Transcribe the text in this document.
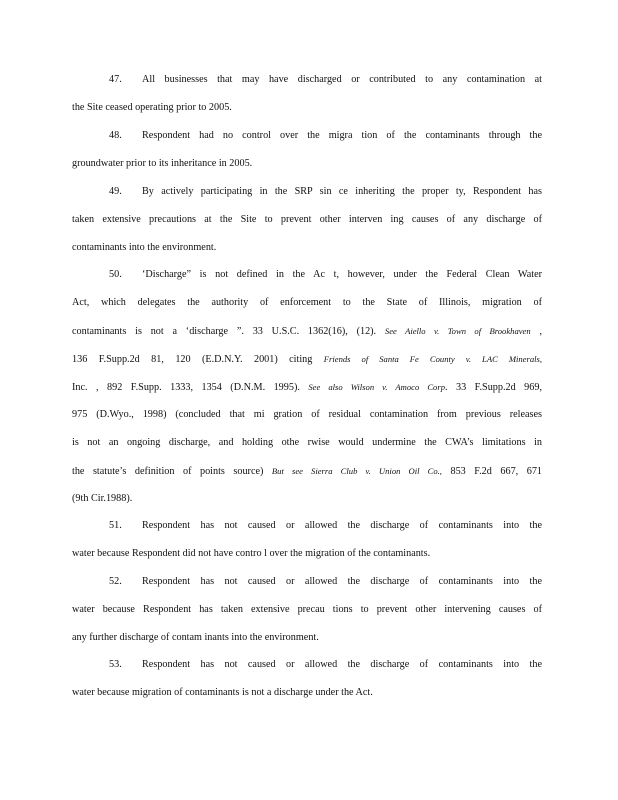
47. All businesses that may have discharged or contributed to any contamination at
the Site ceased operating prior to 2005.
48. Respondent had no control over the migra tion of the contaminants through the
groundwater prior to its inheritance in 2005.
49. By actively participating in the SRP sin ce inheriting the proper ty, Respondent has
taken extensive precautions at the Site to prevent other interven ing causes of any discharge of
contaminants into the environment.
50. ‘Discharge” is not defined in the Ac t, however, under the Federal Clean Water
Act, which delegates the authority of enforcement to the State of Illinois, migration of
contaminants is not a ‘discharge ”. 33 U.S.C. 1362(16), (12). See Aiello v. Town of Brookhaven ,
136 F.Supp.2d 81, 120 (E.D.N.Y. 2001) citing Friends of Santa Fe County v. LAC Minerals,
Inc. , 892 F.Supp. 1333, 1354 (D.N.M. 1995). See also Wilson v. Amoco Corp. 33 F.Supp.2d 969,
975 (D.Wyo., 1998) (concluded that mi gration of residual contamination from previous releases
is not an ongoing discharge, and holding othe rwise would undermine the CWA’s limitations in
the statute’s definition of points source) But see Sierra Club v. Union Oil Co., 853 F.2d 667, 671
(9th Cir.1988).
51. Respondent has not caused or allowed the discharge of contaminants into the
water because Respondent did not have contro l over the migration of the contaminants.
52. Respondent has not caused or allowed the discharge of contaminants into the
water because Respondent has taken extensive precau tions to prevent other intervening causes of
any further discharge of contam inants into the environment.
53. Respondent has not caused or allowed the discharge of contaminants into the
water because migration of contaminants is not a discharge under the Act.
